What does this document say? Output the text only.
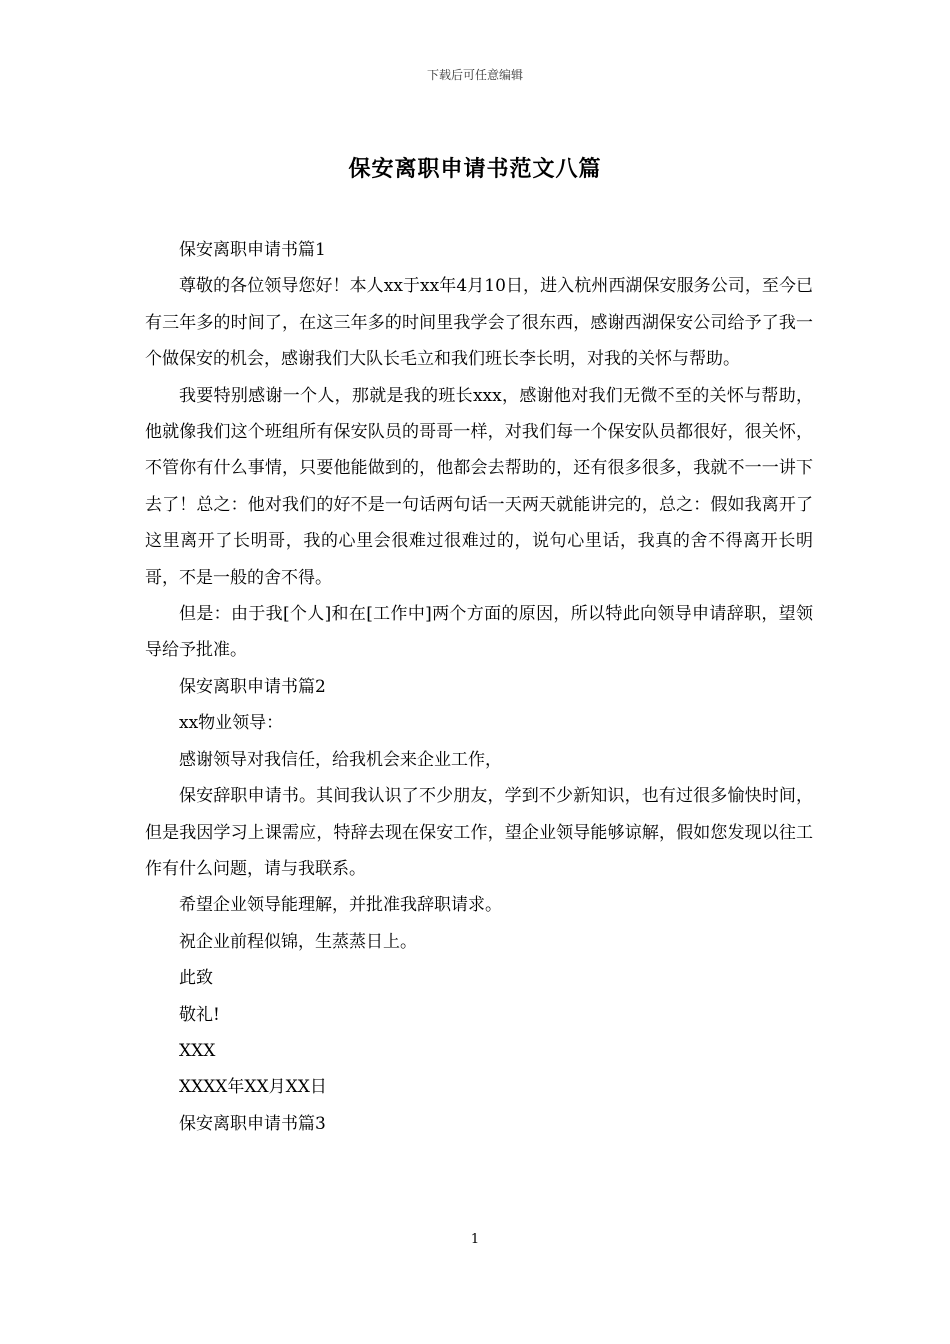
下载后可任意编辑
保安离职申请书范文八篇

保安离职申请书篇1

尊敬的各位领导您好！本人xx于xx年4月10日，进入杭州西湖保安服务公司，至今已有三年多的时间了，在这三年多的时间里我学会了很东西，感谢西湖保安公司给予了我一个做保安的机会，感谢我们大队长毛立和我们班长李长明，对我的关怀与帮助。

我要特别感谢一个人，那就是我的班长xxx，感谢他对我们无微不至的关怀与帮助，他就像我们这个班组所有保安队员的哥哥一样，对我们每一个保安队员都很好，很关怀，不管你有什么事情，只要他能做到的，他都会去帮助的，还有很多很多，我就不一一讲下去了！总之：他对我们的好不是一句话两句话一天两天就能讲完的，总之：假如我离开了这里离开了长明哥，我的心里会很难过很难过的，说句心里话，我真的舍不得离开长明哥，不是一般的舍不得。

但是：由于我[个人]和在[工作中]两个方面的原因，所以特此向领导申请辞职，望领导给予批准。

保安离职申请书篇2

xx物业领导：

感谢领导对我信任，给我机会来企业工作，

保安辞职申请书。其间我认识了不少朋友，学到不少新知识，也有过很多愉快时间，但是我因学习上课需应，特辞去现在保安工作，望企业领导能够谅解，假如您发现以往工作有什么问题，请与我联系。

希望企业领导能理解，并批准我辞职请求。

祝企业前程似锦，生蒸蒸日上。

此致

敬礼!

XXX

XXXX年XX月XX日

保安离职申请书篇3

1
